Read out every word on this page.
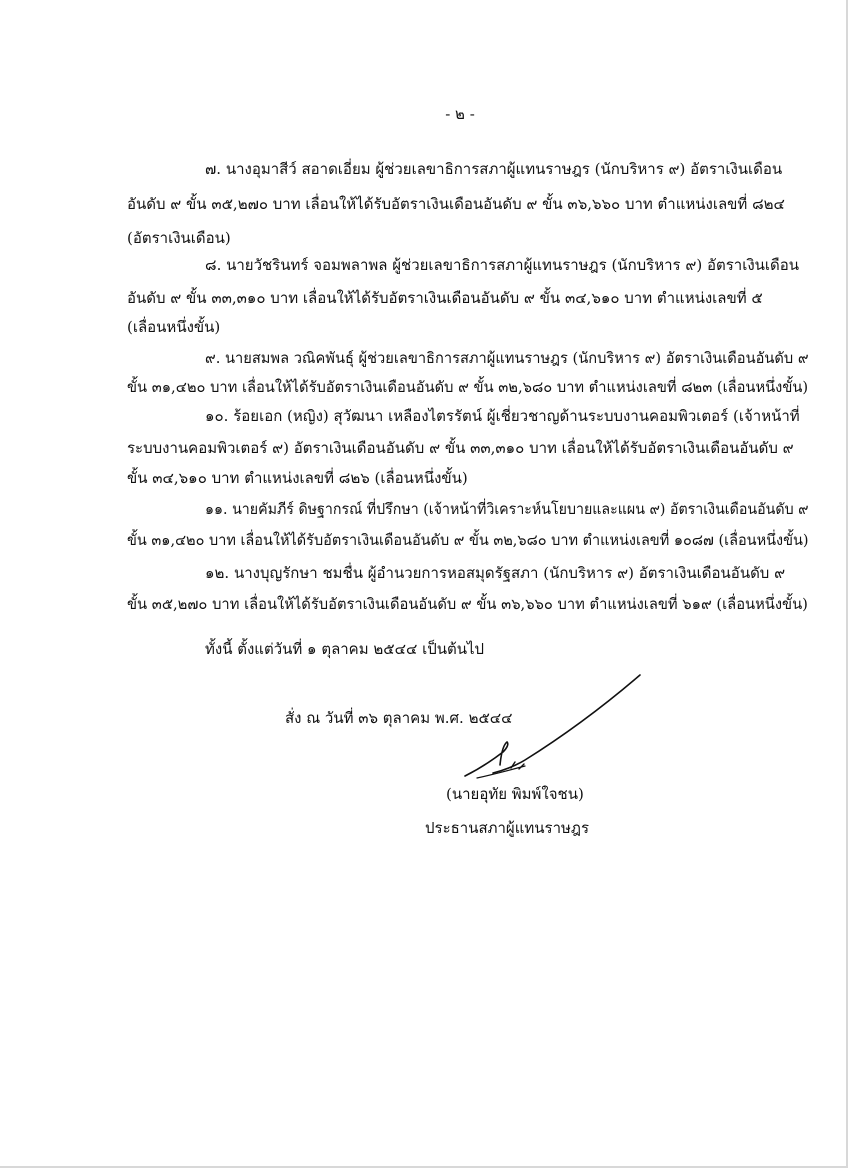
- ๒ -
๗. นางอุมาสีว์ สอาดเอี่ยม ผู้ช่วยเลขาธิการสภาผู้แทนราษฎร (นักบริหาร ๙) อัตราเงินเดือน
อันดับ ๙ ขั้น ๓๕,๒๗๐ บาท เลื่อนให้ได้รับอัตราเงินเดือนอันดับ ๙ ขั้น ๓๖,๖๖๐ บาท ตำแหน่งเลขที่ ๘๒๔
(อัตราเงินเดือน)
๘. นายวัชรินทร์ จอมพลาพล ผู้ช่วยเลขาธิการสภาผู้แทนราษฎร (นักบริหาร ๙) อัตราเงินเดือน
อันดับ ๙ ขั้น ๓๓,๓๑๐ บาท เลื่อนให้ได้รับอัตราเงินเดือนอันดับ ๙ ขั้น ๓๔,๖๑๐ บาท ตำแหน่งเลขที่ ๕
(เลื่อนหนึ่งขั้น)
๙. นายสมพล วณิคพันธุ์ ผู้ช่วยเลขาธิการสภาผู้แทนราษฎร (นักบริหาร ๙) อัตราเงินเดือนอันดับ ๙
ขั้น ๓๑,๔๒๐ บาท เลื่อนให้ได้รับอัตราเงินเดือนอันดับ ๙ ขั้น ๓๒,๖๘๐ บาท ตำแหน่งเลขที่ ๘๒๓ (เลื่อนหนึ่งขั้น)
๑๐. ร้อยเอก (หญิง) สุวัฒนา เหลืองไตรรัตน์ ผู้เชี่ยวชาญด้านระบบงานคอมพิวเตอร์ (เจ้าหน้าที่
ระบบงานคอมพิวเตอร์ ๙) อัตราเงินเดือนอันดับ ๙ ขั้น ๓๓,๓๑๐ บาท เลื่อนให้ได้รับอัตราเงินเดือนอันดับ ๙
ขั้น ๓๔,๖๑๐ บาท ตำแหน่งเลขที่ ๘๒๖ (เลื่อนหนึ่งขั้น)
๑๑. นายคัมภีร์ ดิษฐากรณ์ ที่ปรึกษา (เจ้าหน้าที่วิเคราะห์นโยบายและแผน ๙) อัตราเงินเดือนอันดับ ๙
ขั้น ๓๑,๔๒๐ บาท เลื่อนให้ได้รับอัตราเงินเดือนอันดับ ๙ ขั้น ๓๒,๖๘๐ บาท ตำแหน่งเลขที่ ๑๐๘๗ (เลื่อนหนึ่งขั้น)
๑๒. นางบุญรักษา ชมชื่น ผู้อำนวยการหอสมุดรัฐสภา (นักบริหาร ๙) อัตราเงินเดือนอันดับ ๙
ขั้น ๓๕,๒๗๐ บาท เลื่อนให้ได้รับอัตราเงินเดือนอันดับ ๙ ขั้น ๓๖,๖๖๐ บาท ตำแหน่งเลขที่ ๖๑๙ (เลื่อนหนึ่งขั้น)
ทั้งนี้ ตั้งแต่วันที่ ๑ ตุลาคม ๒๕๔๔ เป็นต้นไป
สั่ง ณ วันที่ ๓๖ ตุลาคม พ.ศ. ๒๕๔๔
(นายอุทัย พิมพ์ใจชน)
ประธานสภาผู้แทนราษฎร
